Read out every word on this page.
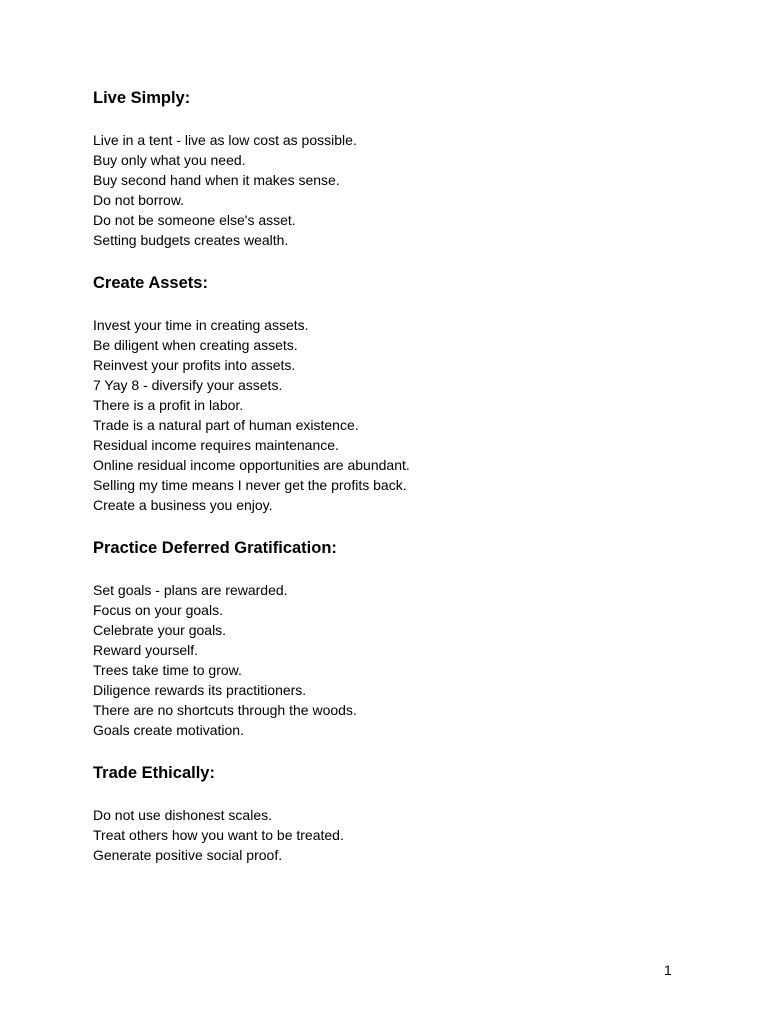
Live Simply:
Live in a tent - live as low cost as possible.
Buy only what you need.
Buy second hand when it makes sense.
Do not borrow.
Do not be someone else's asset.
Setting budgets creates wealth.
Create Assets:
Invest your time in creating assets.
Be diligent when creating assets.
Reinvest your profits into assets.
7 Yay 8 - diversify your assets.
There is a profit in labor.
Trade is a natural part of human existence.
Residual income requires maintenance.
Online residual income opportunities are abundant.
Selling my time means I never get the profits back.
Create a business you enjoy.
Practice Deferred Gratification:
Set goals - plans are rewarded.
Focus on your goals.
Celebrate your goals.
Reward yourself.
Trees take time to grow.
Diligence rewards its practitioners.
There are no shortcuts through the woods.
Goals create motivation.
Trade Ethically:
Do not use dishonest scales.
Treat others how you want to be treated.
Generate positive social proof.
1
